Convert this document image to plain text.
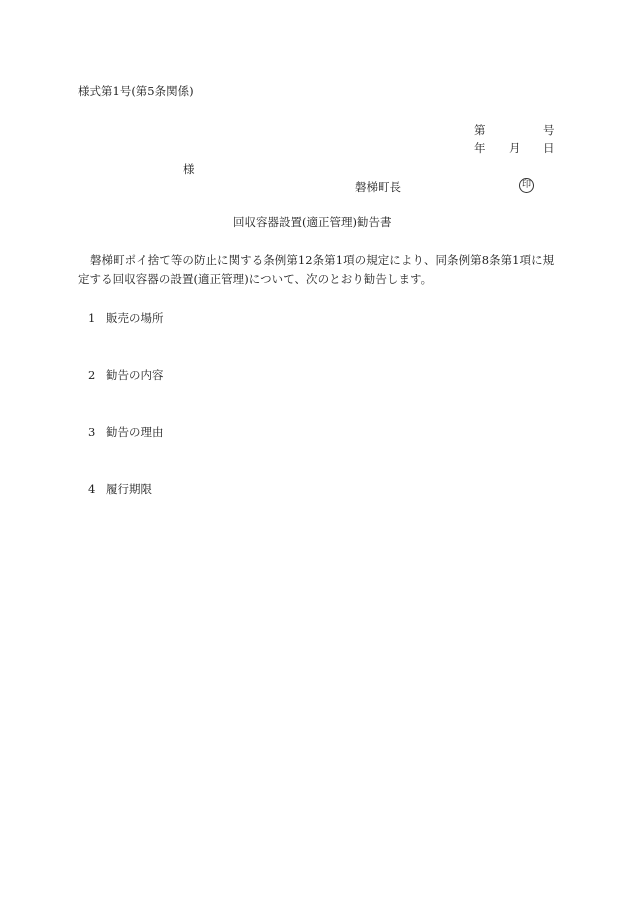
様式第1号(第5条関係)
第	号
年 月 日
様
磐梯町長	印
回収容器設置(適正管理)勧告書
磐梯町ポイ捨て等の防止に関する条例第12条第1項の規定により、同条例第8条第1項に規定する回収容器の設置(適正管理)について、次のとおり勧告します。
1 販売の場所
2 勧告の内容
3 勧告の理由
4 履行期限
